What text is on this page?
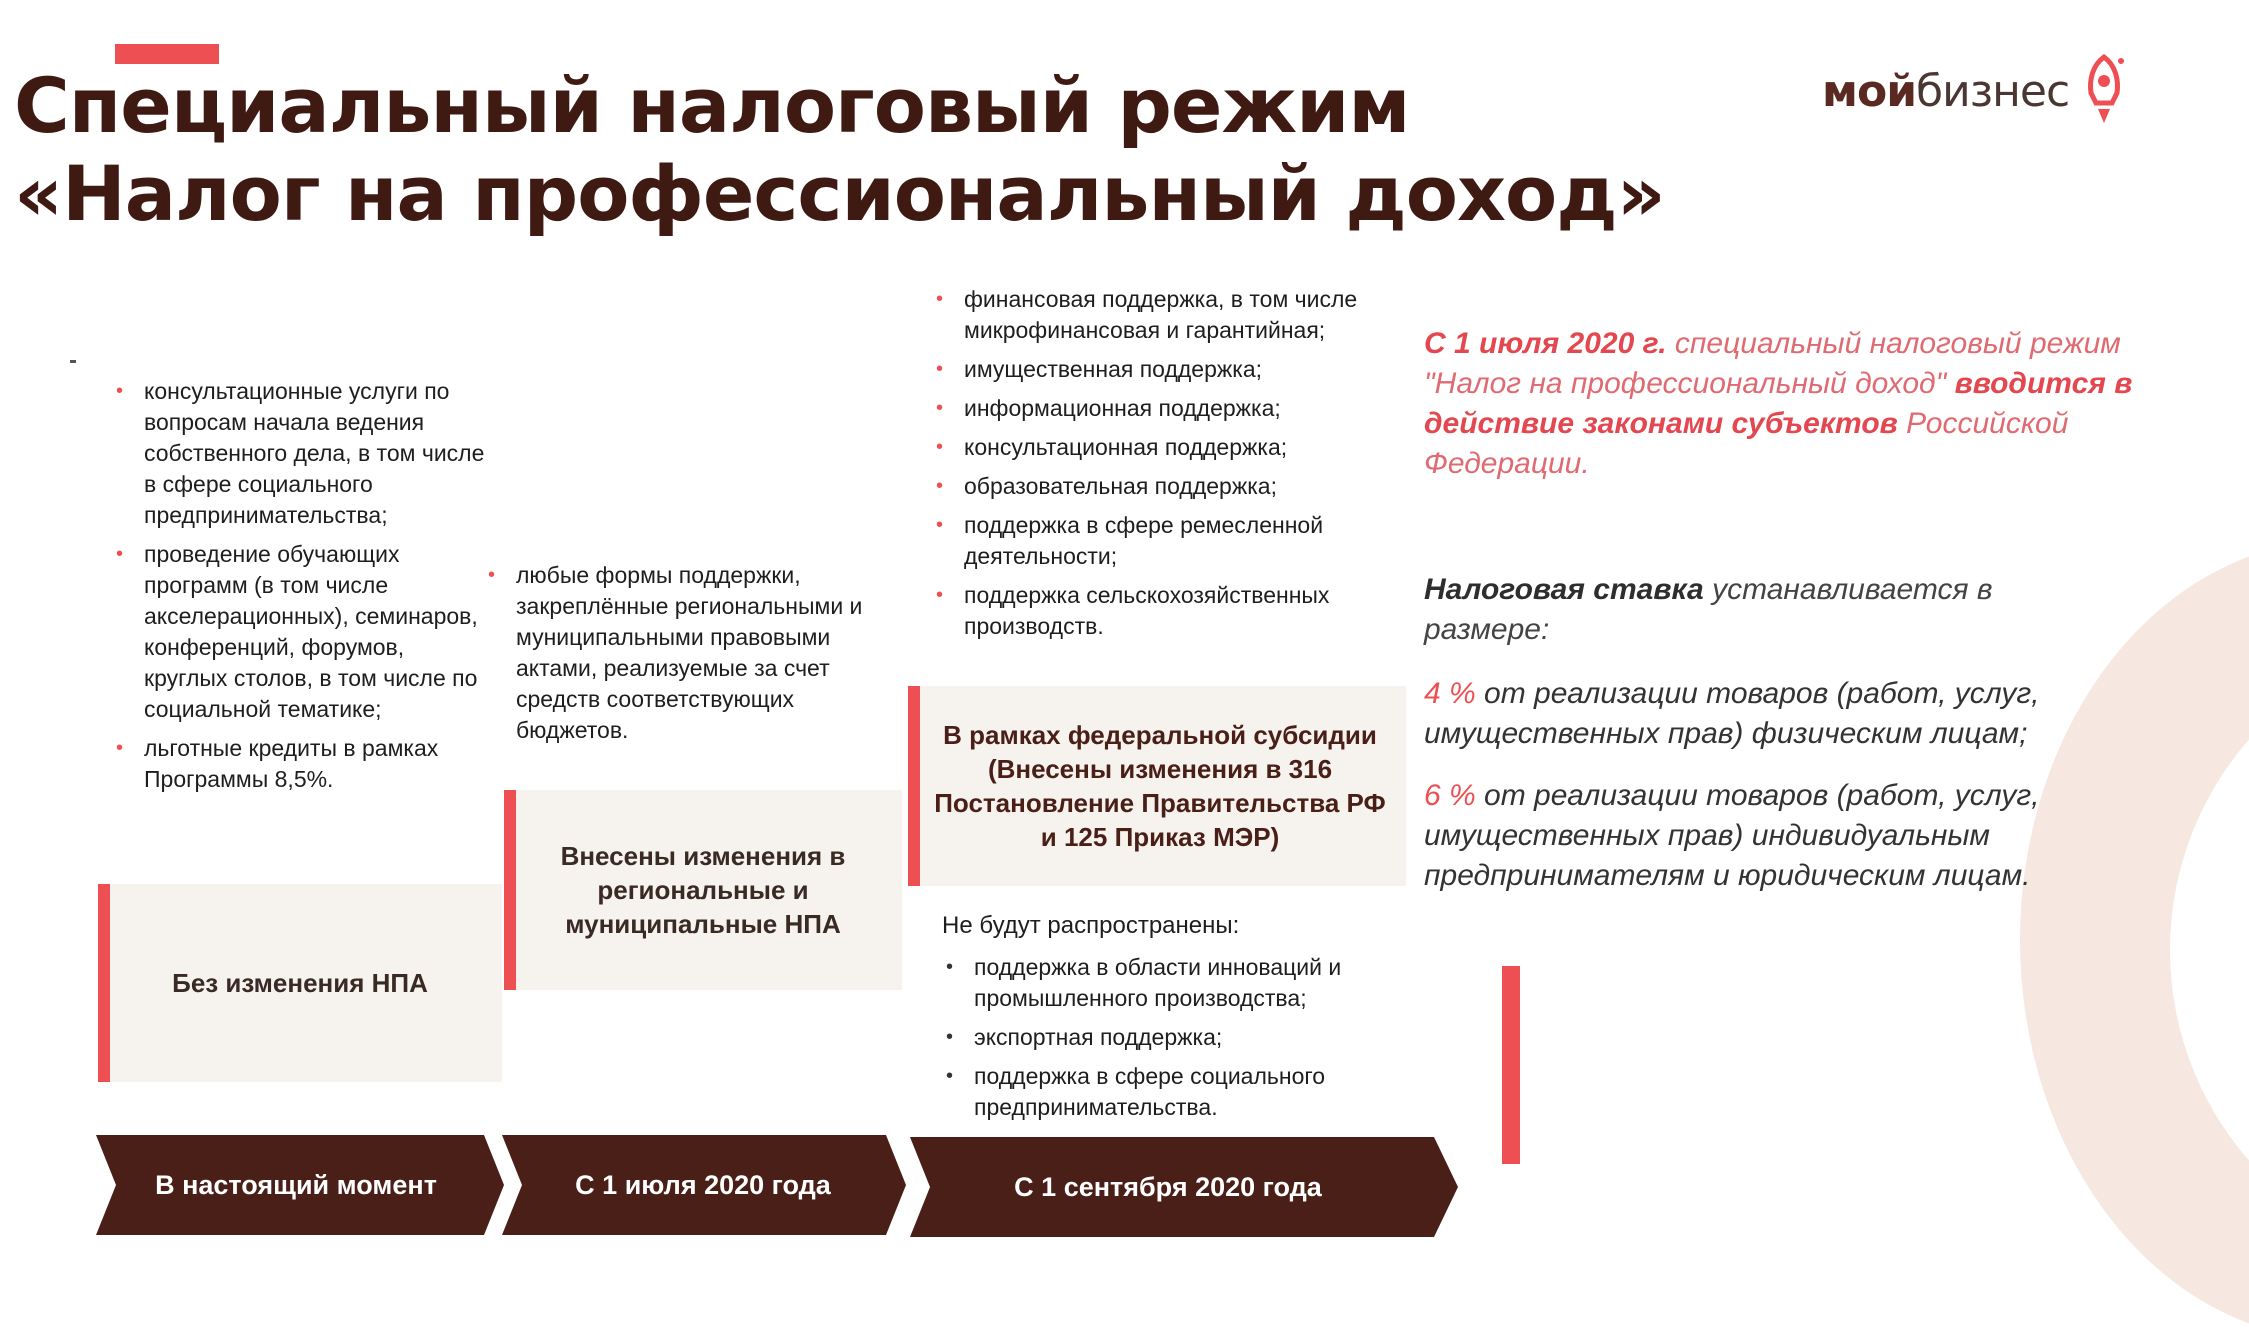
Специальный налоговый режим
«Налог на профессиональный доход»
мойбизнес
• консультационные услуги по вопросам начала ведения собственного дела, в том числе в сфере социального предпринимательства;
• проведение обучающих программ (в том числе акселерационных), семинаров, конференций, форумов, круглых столов, в том числе по социальной тематике;
• льготные кредиты в рамках Программы 8,5%.
• любые формы поддержки, закреплённые региональными и муниципальными правовыми актами, реализуемые за счет средств соответствующих бюджетов.
• финансовая поддержка, в том числе микрофинансовая и гарантийная;
• имущественная поддержка;
• информационная поддержка;
• консультационная поддержка;
• образовательная поддержка;
• поддержка в сфере ремесленной деятельности;
• поддержка сельскохозяйственных производств.
Без изменения НПА
Внесены изменения в региональные и муниципальные НПА
В рамках федеральной субсидии (Внесены изменения в 316 Постановление Правительства РФ и 125 Приказ МЭР)
Не будут распространены:
• поддержка в области инноваций и промышленного производства;
• экспортная поддержка;
• поддержка в сфере социального предпринимательства.
В настоящий момент	С 1 июля 2020 года	С 1 сентября 2020 года
С 1 июля 2020 г. специальный налоговый режим "Налог на профессиональный доход" вводится в действие законами субъектов Российской Федерации.
Налоговая ставка устанавливается в размере:
4 % от реализации товаров (работ, услуг, имущественных прав) физическим лицам;
6 % от реализации товаров (работ, услуг, имущественных прав) индивидуальным предпринимателям и юридическим лицам.
